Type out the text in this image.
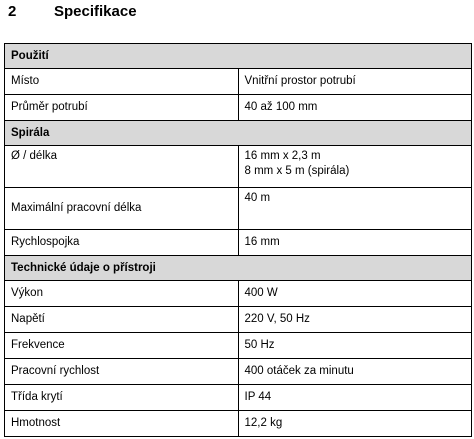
2	Specifikace
Použití	
Místo	Vnitřní prostor potrubí

Průměr potrubí	40 až 100 mm

Spirála	
Ø / délka	16 mm x 2,3 m
8 mm x 5 m (spirála)

Maximální pracovní délka	40 m

Rychlospojka	16 mm

Technické údaje o přístroji	
Výkon	400 W

Napětí	220 V, 50 Hz

Frekvence	50 Hz

Pracovní rychlost	400 otáček za minutu

Třída krytí	IP 44

Hmotnost	12,2 kg
